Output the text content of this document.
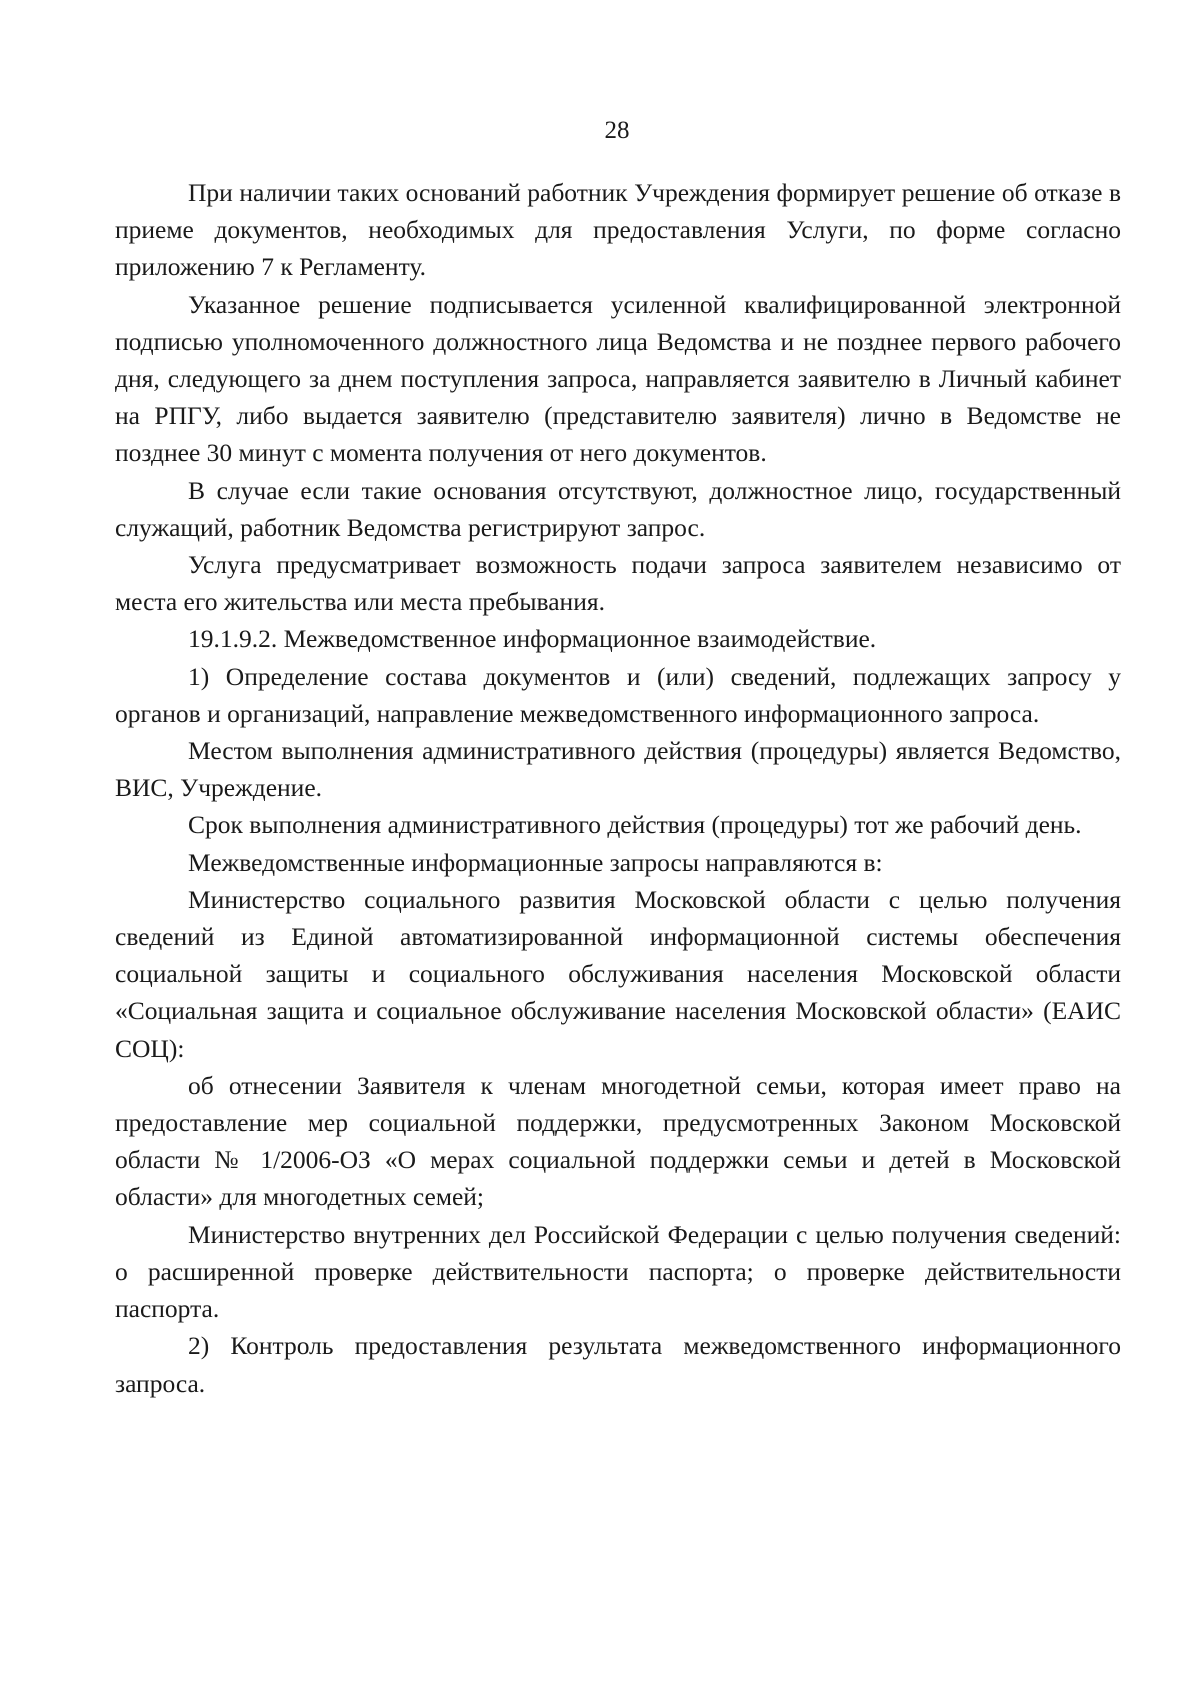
28

При наличии таких оснований работник Учреждения формирует решение об отказе в приеме документов, необходимых для предоставления Услуги, по форме согласно приложению 7 к Регламенту.

Указанное решение подписывается усиленной квалифицированной электронной подписью уполномоченного должностного лица Ведомства и не позднее первого рабочего дня, следующего за днем поступления запроса, направляется заявителю в Личный кабинет на РПГУ, либо выдается заявителю (представителю заявителя) лично в Ведомстве не позднее 30 минут с момента получения от него документов.

В случае если такие основания отсутствуют, должностное лицо, государственный служащий, работник Ведомства регистрируют запрос.

Услуга предусматривает возможность подачи запроса заявителем независимо от места его жительства или места пребывания.

19.1.9.2. Межведомственное информационное взаимодействие.

1) Определение состава документов и (или) сведений, подлежащих запросу у органов и организаций, направление межведомственного информационного запроса.

Местом выполнения административного действия (процедуры) является Ведомство, ВИС, Учреждение.

Срок выполнения административного действия (процедуры) тот же рабочий день.

Межведомственные информационные запросы направляются в:

Министерство социального развития Московской области с целью получения сведений из Единой автоматизированной информационной системы обеспечения социальной защиты и социального обслуживания населения Московской области «Социальная защита и социальное обслуживание населения Московской области» (ЕАИС СОЦ):

об отнесении Заявителя к членам многодетной семьи, которая имеет право на предоставление мер социальной поддержки, предусмотренных Законом Московской области № 1/2006-ОЗ «О мерах социальной поддержки семьи и детей в Московской области» для многодетных семей;

Министерство внутренних дел Российской Федерации с целью получения сведений: о расширенной проверке действительности паспорта; о проверке действительности паспорта.

2) Контроль предоставления результата межведомственного информационного запроса.
